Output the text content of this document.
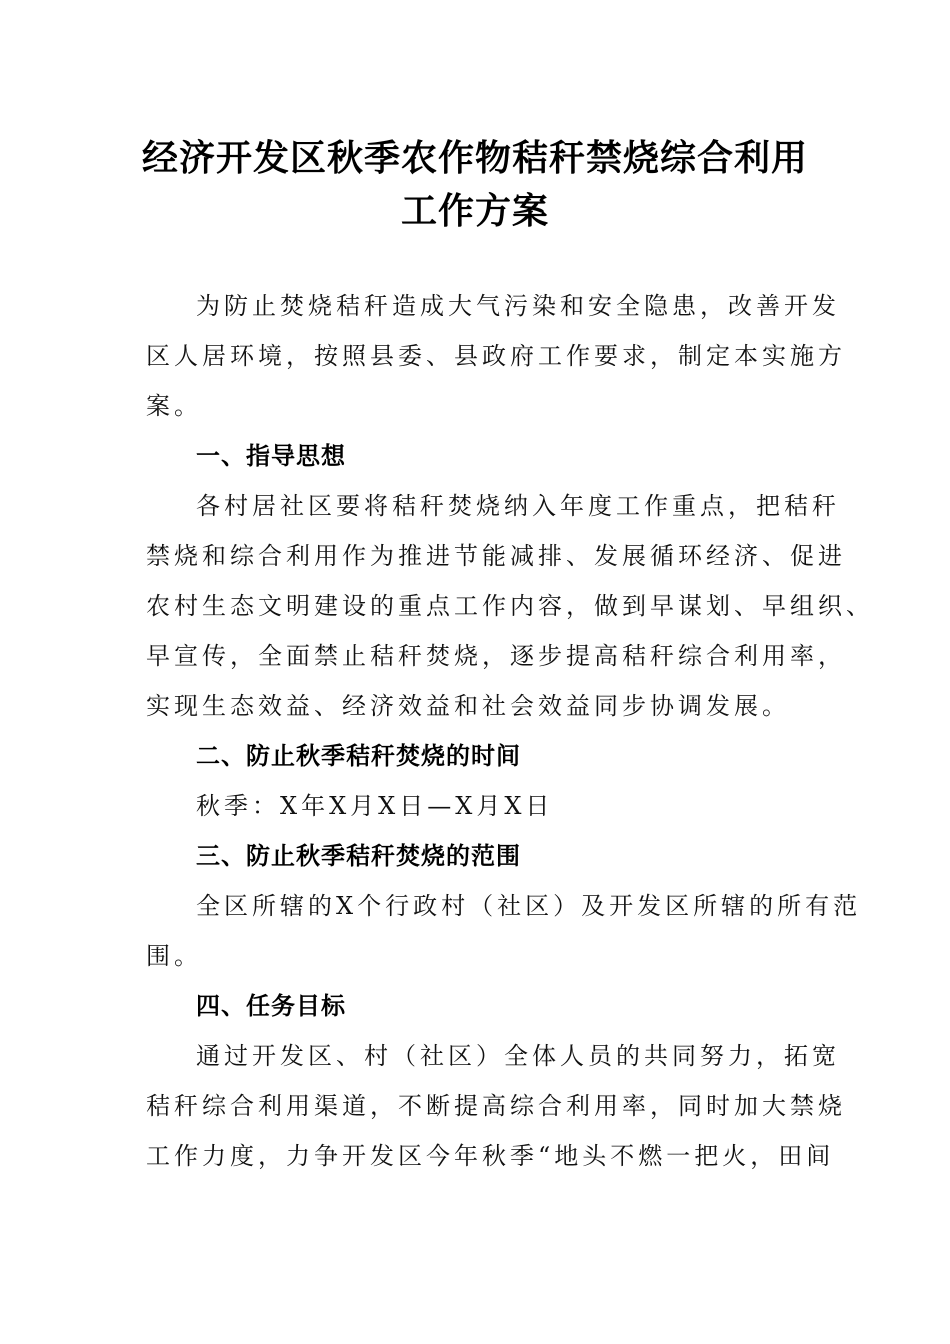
经济开发区秋季农作物秸秆禁烧综合利用
工作方案
为防止焚烧秸秆造成大气污染和安全隐患，改善开发
区人居环境，按照县委、县政府工作要求，制定本实施方
案。
一、指导思想
各村居社区要将秸秆焚烧纳入年度工作重点，把秸秆
禁烧和综合利用作为推进节能减排、发展循环经济、促进
农村生态文明建设的重点工作内容，做到早谋划、早组织、
早宣传，全面禁止秸秆焚烧，逐步提高秸秆综合利用率，
实现生态效益、经济效益和社会效益同步协调发展。
二、防止秋季秸秆焚烧的时间
秋季：X年X月X日—X月X日
三、防止秋季秸秆焚烧的范围
全区所辖的X个行政村（社区）及开发区所辖的所有范
围。
四、任务目标
通过开发区、村（社区）全体人员的共同努力，拓宽
秸秆综合利用渠道，不断提高综合利用率，同时加大禁烧
工作力度，力争开发区今年秋季“地头不燃一把火，田间
